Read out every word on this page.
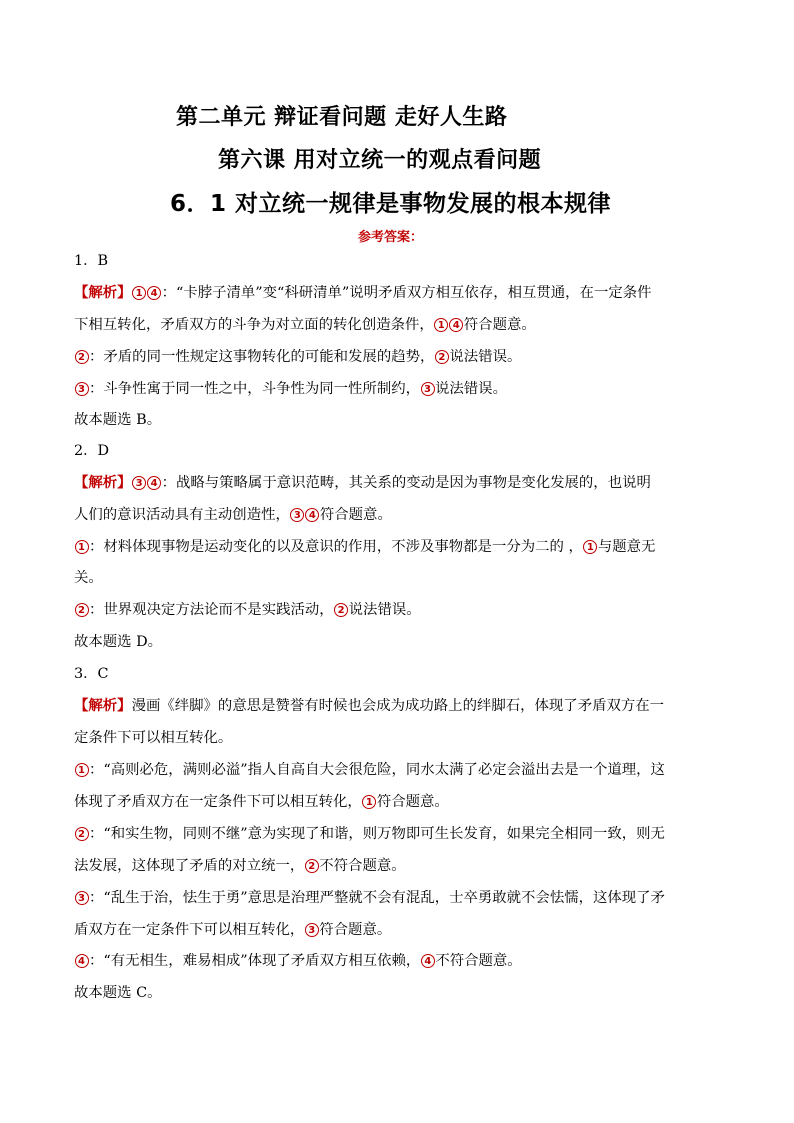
第二单元 辩证看问题 走好人生路
第六课 用对立统一的观点看问题
6．1 对立统一规律是事物发展的根本规律
参考答案：
1．B
【解析】 1 4 ：“卡脖子清单”变“科研清单”说明矛盾双方相互依存，相互贯通，在一定条件
下相互转化，矛盾双方的斗争为对立面的转化创造条件， 1 4 符合题意。
2 ：矛盾的同一性规定这事物转化的可能和发展的趋势， 2 说法错误。
3 ：斗争性寓于同一性之中，斗争性为同一性所制约， 3 说法错误。
故本题选 B。
2．D
【解析】 3 4 ：战略与策略属于意识范畴，其关系的变动是因为事物是变化发展的，也说明
人们的意识活动具有主动创造性， 3 4 符合题意。
1 ：材料体现事物是运动变化的以及意识的作用，不涉及事物都是一分为二的 ， 1 与题意无
关。
2 ：世界观决定方法论而不是实践活动， 2 说法错误。
故本题选 D。
3．C
【解析】漫画《绊脚》的意思是赞誉有时候也会成为成功路上的绊脚石，体现了矛盾双方在一
定条件下可以相互转化。
1 ：“高则必危，满则必溢”指人自高自大会很危险，同水太满了必定会溢出去是一个道理，这
体现了矛盾双方在一定条件下可以相互转化， 1 符合题意。
2 ：“和实生物，同则不继”意为实现了和谐，则万物即可生长发育，如果完全相同一致，则无
法发展，这体现了矛盾的对立统一， 2 不符合题意。
3 ：“乱生于治，怯生于勇”意思是治理严整就不会有混乱，士卒勇敢就不会怯懦，这体现了矛
盾双方在一定条件下可以相互转化， 3 符合题意。
4 ：“有无相生，难易相成”体现了矛盾双方相互依赖， 4 不符合题意。
故本题选 C。
